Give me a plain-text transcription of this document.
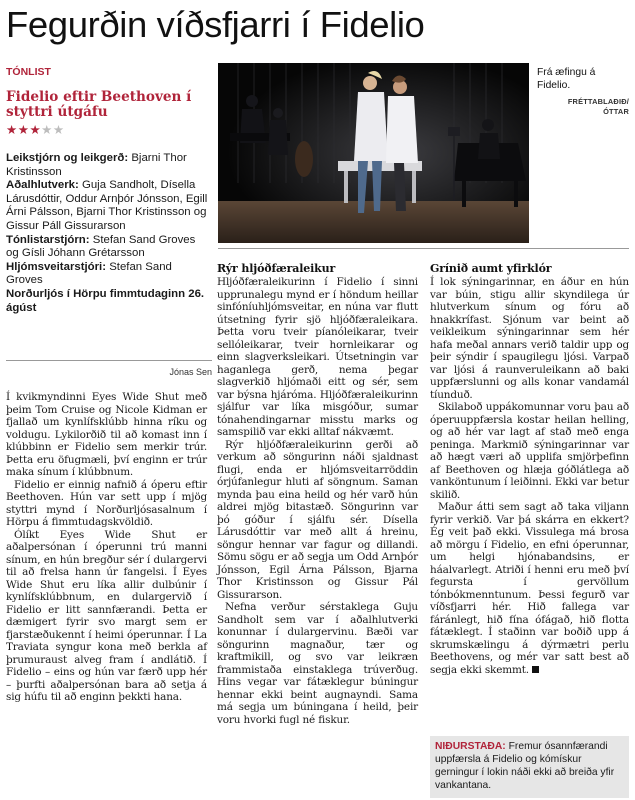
Fegurðin víðsfjarri í Fidelio
TÓNLIST
Fidelio eftir Beethoven í styttri útgáfu
★★★★★
Leikstjórn og leikgerð: Bjarni Thor Kristinsson
Aðalhlutverk: Guja Sandholt, Dísella Lárusdóttir, Oddur Arnþór Jónsson, Egill Árni Pálsson, Bjarni Thor Kristinsson og Gissur Páll Gissurarson
Tónlistarstjórn: Stefan Sand Groves og Gísli Jóhann Grétarsson
Hljómsveitarstjóri: Stefan Sand Groves
Norðurljós í Hörpu fimmtudaginn 26. ágúst
Jónas Sen

Í kvikmyndinni Eyes Wide Shut með þeim Tom Cruise og Nicole Kidman er fjallað um kynlífsklúbb hinna ríku og voldugu. Lykilorðið til að komast inn í klúbbinn er Fidelio sem merkir trúr. Þetta eru öfugmæli, því enginn er trúr maka sínum í klúbbnum.

Fidelio er einnig nafnið á óperu eftir Beethoven. Hún var sett upp í mjög styttri mynd í Norðurljósasalnum í Hörpu á fimmtudagskvöldið.

Ólíkt Eyes Wide Shut er aðalpersónan í óperunni trú manni sínum, en hún bregður sér í dulargervi til að frelsa hann úr fangelsi. Í Eyes Wide Shut eru líka allir dulbúnir í kynlífsklúbbnum, en dulargervið í Fidelio er litt sannfærandi. Þetta er dæmigert fyrir svo margt sem er fjarstæðukennt í heimi óperunnar. Í La Traviata syngur kona með berkla af þrumuraust alveg fram í andlátið. Í Fidelio – eins og hún var færð upp hér – þurfti aðalpersónan bara að setja á sig húfu til að enginn þekkti hana.

Frá æfingu á Fidelio.
FRÉTTABLAÐIÐ/
ÓTTAR
Rýr hljóðfæraleikur

Hljóðfæraleikurinn í Fidelio í sinni upprunalegu mynd er í höndum heillar sinfóníuhljómsveitar, en núna var flutt útsetning fyrir sjö hljóðfæraleikara. Þetta voru tveir píanóleikarar, tveir sellóleikarar, tveir hornleikarar og einn slagverksleikari. Útsetningin var haganlega gerð, nema þegar slagverkið hljómaði eitt og sér, sem var býsna hjáróma. Hljóðfæraleikurinn sjálfur var líka misgóður, sumar tónahendingarnar misstu marks og samspilið var ekki alltaf nákvæmt.

Rýr hljóðfæraleikurinn gerði að verkum að söngurinn náði sjaldnast flugi, enda er hljómsveitarröddin órjúfanlegur hluti af söngnum. Saman mynda þau eina heild og hér varð hún aldrei mjög bitastæð. Söngurinn var þó góður í sjálfu sér. Dísella Lárusdóttir var með allt á hreinu, söngur hennar var fagur og dillandi. Sömu sögu er að segja um Odd Arnþór Jónsson, Egil Árna Pálsson, Bjarna Thor Kristinsson og Gissur Pál Gissurarson.

Nefna verður sérstaklega Guju Sandholt sem var í aðalhlutverki konunnar í dulargervinu. Bæði var söngurinn magnaður, tær og kraftmikill, og svo var leikræn frammistaða einstaklega trúverðug. Hins vegar var fátæklegur búningur hennar ekki beint augnayndi. Sama má segja um búningana í heild, þeir voru hvorki fugl né fiskur.

Grínið aumt yfirklór

Í lok sýningarinnar, en áður en hún var búin, stigu allir skyndilega úr hlutverkum sínum og fóru að hnakkrífast. Sjónum var beint að veikleikum sýningarinnar sem hér hafa meðal annars verið taldir upp og þeir sýndir í spaugilegu ljósi. Varpað var ljósi á raunveruleikann að baki uppfærslunni og alls konar vandamál tíunduð.

Skilaboð uppákomunnar voru þau að óperuuppfærsla kostar heilan helling, og að hér var lagt af stað með enga peninga. Markmið sýningarinnar var að hægt væri að upplifa smjörþefinn af Beethoven og hlæja góðlátlega að vanköntunum í leiðinni. Ekki var betur skilið.

Maður átti sem sagt að taka viljann fyrir verkið. Var þá skárra en ekkert? Ég veit það ekki. Vissulega má brosa að mörgu í Fidelio, en efni óperunnar, um helgi hjónabandsins, er háalvarlegt. Atriði í henni eru með því fegursta í gervöllum tónbókmenntunum. Þessi fegurð var víðsfjarri hér. Hið fallega var fáránlegt, hið fína ófágað, hið flotta fátæklegt. Í staðinn var boðið upp á skrumskælingu á dýrmætri perlu Beethovens, og mér var satt best að segja ekki skemmt.

NIÐURSTAÐA: Fremur ósannfærandi uppfærsla á Fidelio og kómískur gerningur í lokin náði ekki að breiða yfir vankantana.
